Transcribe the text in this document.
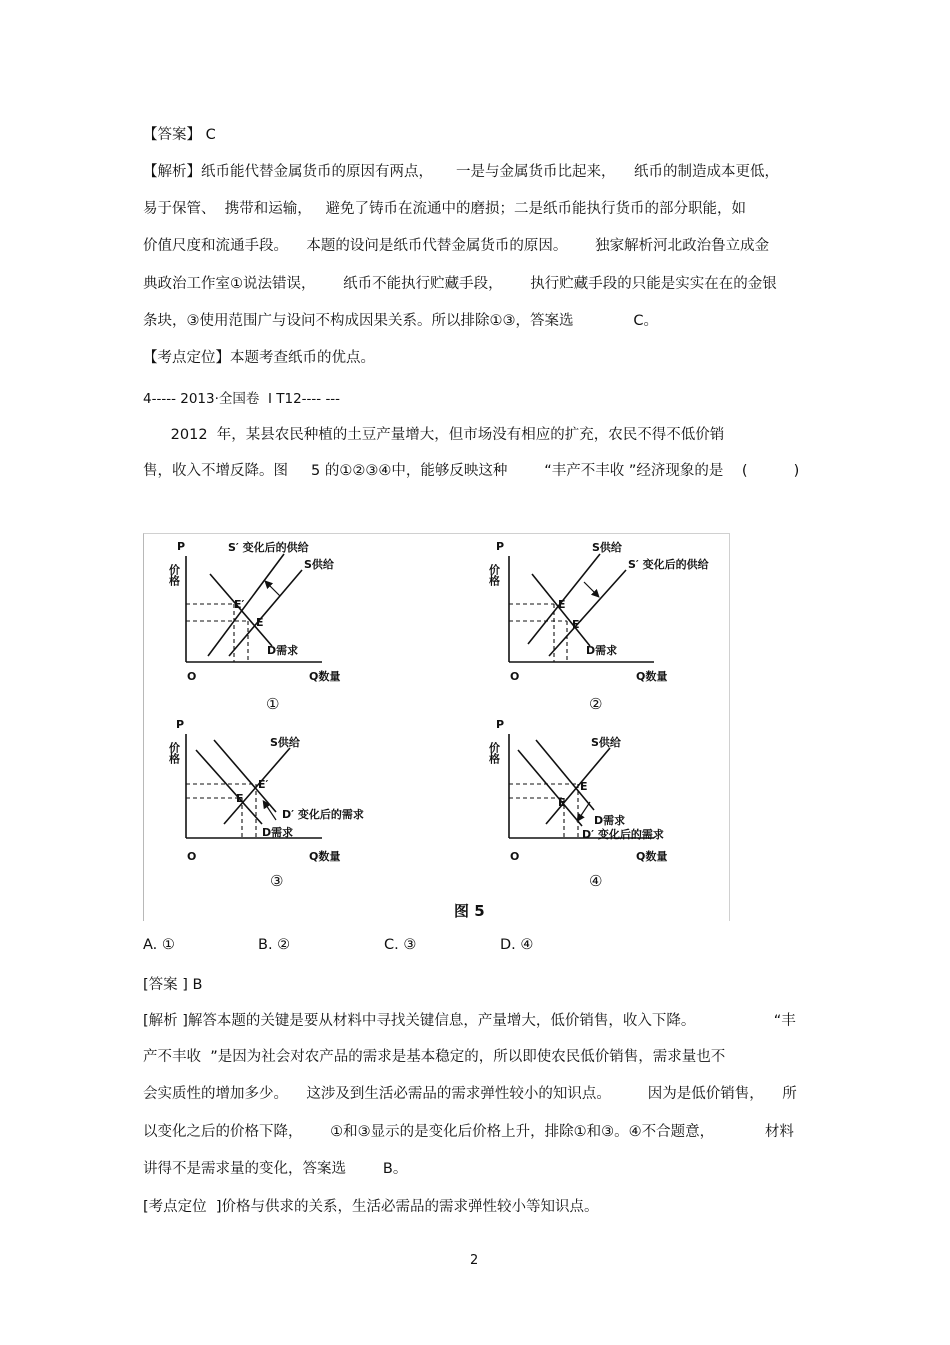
【答案】 C

【解析】纸币能代替金属货币的原因有两点，     一是与金属货币比起来，    纸币的制造成本更低，

易于保管、  携带和运输，   避免了铸币在流通中的磨损；二是纸币能执行货币的部分职能，如

价值尺度和流通手段。    本题的设问是纸币代替金属货币的原因。      独家解析河北政治鲁立成金

典政治工作室①说法错误，      纸币不能执行贮藏手段，      执行贮藏手段的只能是实实在在的金银

条块，③使用范围广与设问不构成因果关系。所以排除①③，答案选             C。

【考点定位】本题考查纸币的优点。

4----- 2013·全国卷  I T12---- ---

2012  年，某县农民种植的土豆产量增大，但市场没有相应的扩充，农民不得不低价销

售，收入不增反降。图     5 的①②③④中，能够反映这种        “丰产不丰收 ”经济现象的是    (          )

P
价格
O	Q数量
S′ 变化后的供给
S供给
D需求
E′
E
①
P
价格
O	Q数量
S供给
S′ 变化后的供给
D需求
E
E′
②
P
价格
O	Q数量
S供给
D′ 变化后的需求
D需求
E′
E
③
P
价格
O	Q数量
S供给
D需求
D′ 变化后的需求
E
E′
④
图 5
A. ①	B. ②	C. ③	D. ④

[答案 ] B

[解析 ]解答本题的关键是要从材料中寻找关键信息，产量增大，低价销售，收入下降。                 “丰

产不丰收  ”是因为社会对农产品的需求是基本稳定的，所以即使农民低价销售，需求量也不

会实质性的增加多少。    这涉及到生活必需品的需求弹性较小的知识点。        因为是低价销售，    所

以变化之后的价格下降，      ①和③显示的是变化后价格上升，排除①和③。④不合题意，           材料

讲得不是需求量的变化，答案选        B。

[考点定位  ]价格与供求的关系，生活必需品的需求弹性较小等知识点。

2
